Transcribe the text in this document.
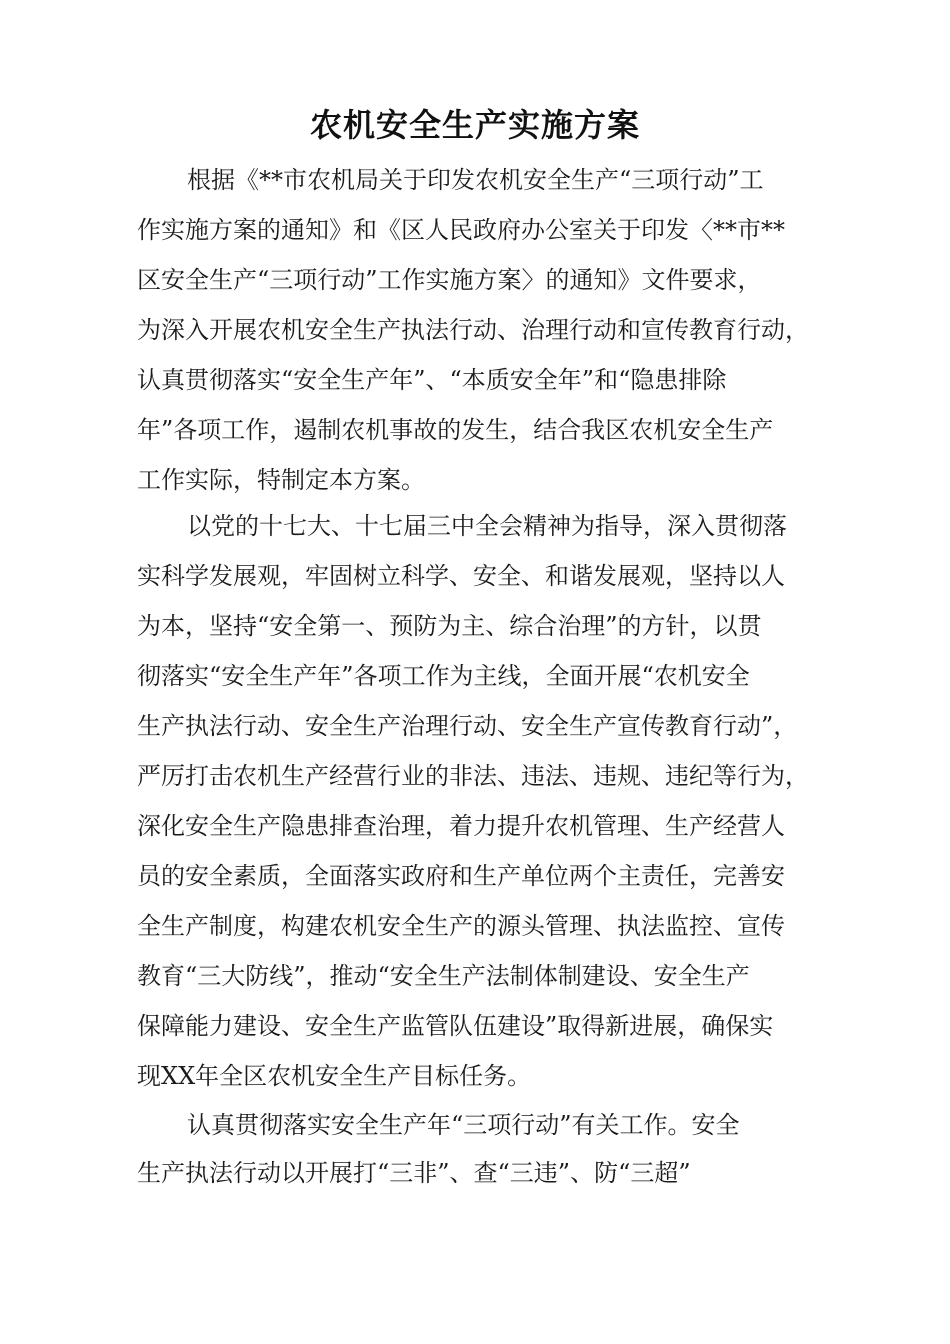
农机安全生产实施方案
根据《**市农机局关于印发农机安全生产“三项行动”工
作实施方案的通知》和《区人民政府办公室关于印发〈**市**
区安全生产“三项行动”工作实施方案〉的通知》文件要求，
为深入开展农机安全生产执法行动、治理行动和宣传教育行动，
认真贯彻落实“安全生产年”、“本质安全年”和“隐患排除
年”各项工作，遏制农机事故的发生，结合我区农机安全生产
工作实际，特制定本方案。
以党的十七大、十七届三中全会精神为指导，深入贯彻落
实科学发展观，牢固树立科学、安全、和谐发展观，坚持以人
为本，坚持“安全第一、预防为主、综合治理”的方针，以贯
彻落实“安全生产年”各项工作为主线，全面开展“农机安全
生产执法行动、安全生产治理行动、安全生产宣传教育行动”，
严厉打击农机生产经营行业的非法、违法、违规、违纪等行为，
深化安全生产隐患排查治理，着力提升农机管理、生产经营人
员的安全素质，全面落实政府和生产单位两个主责任，完善安
全生产制度，构建农机安全生产的源头管理、执法监控、宣传
教育“三大防线”，推动“安全生产法制体制建设、安全生产
保障能力建设、安全生产监管队伍建设”取得新进展，确保实
现XX年全区农机安全生产目标任务。
认真贯彻落实安全生产年“三项行动”有关工作。安全
生产执法行动以开展打“三非”、查“三违”、防“三超”
